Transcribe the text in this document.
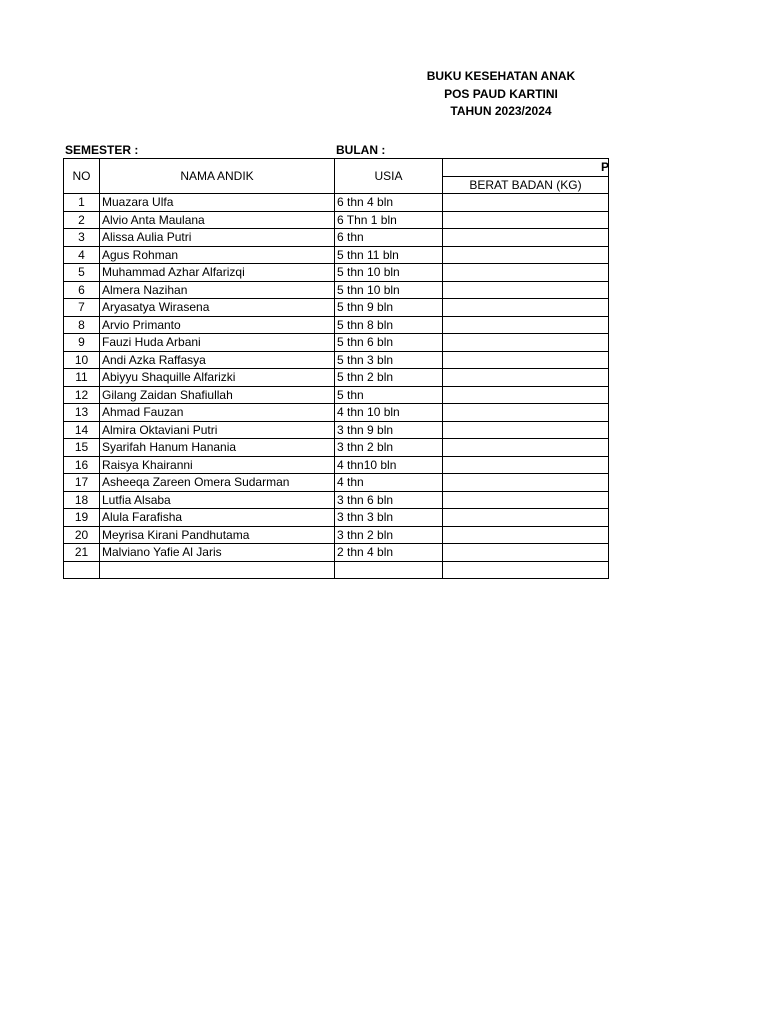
BUKU KESEHATAN ANAK
POS PAUD KARTINI
TAHUN 2023/2024
SEMESTER :	BULAN :
NO	NAMA ANDIK	USIA	
			BERAT BADAN (KG)
1	Muazara Ulfa	6 thn 4 bln	
2	Alvio Anta Maulana	6 Thn 1 bln	
3	Alissa Aulia Putri	6 thn	
4	Agus Rohman	5 thn 11 bln	
5	Muhammad Azhar Alfarizqi	5 thn 10 bln	
6	Almera Nazihan	5 thn 10 bln	
7	Aryasatya Wirasena	5 thn 9 bln	
8	Arvio Primanto	5 thn 8 bln	
9	Fauzi Huda Arbani	5 thn 6 bln	
10	Andi Azka Raffasya	5 thn 3 bln	
11	Abiyyu Shaquille Alfarizki	5 thn 2 bln	
12	Gilang Zaidan Shafiullah	5 thn	
13	Ahmad Fauzan	4 thn 10 bln	
14	Almira Oktaviani Putri	3 thn 9 bln	
15	Syarifah Hanum Hanania	3 thn 2 bln	
16	Raisya Khairanni	4 thn10 bln	
17	Asheeqa Zareen Omera Sudarman	4 thn	
18	Lutfia Alsaba	3 thn 6 bln	
19	Alula Farafisha	3 thn 3 bln	
20	Meyrisa Kirani Pandhutama	3 thn 2 bln	
21	Malviano Yafie Al Jaris	2 thn 4 bln	

P
